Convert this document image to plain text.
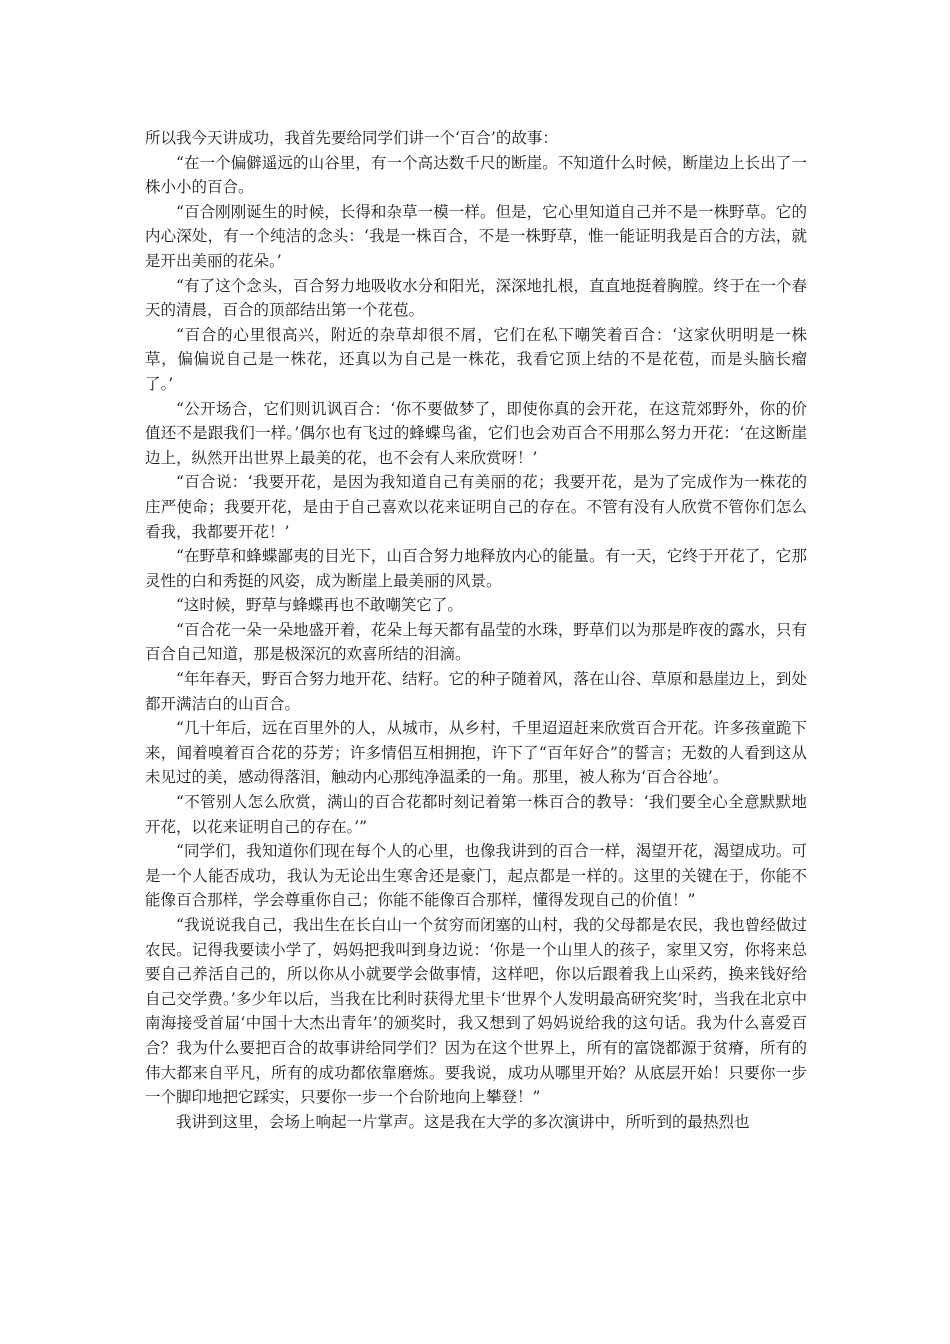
所以我今天讲成功，我首先要给同学们讲一个‘百合’的故事：

“在一个偏僻遥远的山谷里，有一个高达数千尺的断崖。不知道什么时候，断崖边上长出了一株小小的百合。

“百合刚刚诞生的时候，长得和杂草一模一样。但是，它心里知道自己并不是一株野草。它的内心深处，有一个纯洁的念头：‘我是一株百合，不是一株野草，惟一能证明我是百合的方法，就是开出美丽的花朵。’

“有了这个念头，百合努力地吸收水分和阳光，深深地扎根，直直地挺着胸膛。终于在一个春天的清晨，百合的顶部结出第一个花苞。

“百合的心里很高兴，附近的杂草却很不屑，它们在私下嘲笑着百合：‘这家伙明明是一株草，偏偏说自己是一株花，还真以为自己是一株花，我看它顶上结的不是花苞，而是头脑长瘤了。’

“公开场合，它们则讥讽百合：‘你不要做梦了，即使你真的会开花，在这荒郊野外，你的价值还不是跟我们一样。’偶尔也有飞过的蜂蝶鸟雀，它们也会劝百合不用那么努力开花：‘在这断崖边上，纵然开出世界上最美的花，也不会有人来欣赏呀！’

“百合说：‘我要开花，是因为我知道自己有美丽的花；我要开花，是为了完成作为一株花的庄严使命；我要开花，是由于自己喜欢以花来证明自己的存在。不管有没有人欣赏不管你们怎么看我，我都要开花！’

“在野草和蜂蝶鄙夷的目光下，山百合努力地释放内心的能量。有一天，它终于开花了，它那灵性的白和秀挺的风姿，成为断崖上最美丽的风景。

“这时候，野草与蜂蝶再也不敢嘲笑它了。

“百合花一朵一朵地盛开着，花朵上每天都有晶莹的水珠，野草们以为那是昨夜的露水，只有百合自己知道，那是极深沉的欢喜所结的泪滴。

“年年春天，野百合努力地开花、结籽。它的种子随着风，落在山谷、草原和悬崖边上，到处都开满洁白的山百合。

“几十年后，远在百里外的人，从城市，从乡村，千里迢迢赶来欣赏百合开花。许多孩童跪下来，闻着嗅着百合花的芬芳；许多情侣互相拥抱，许下了“百年好合”的誓言；无数的人看到这从未见过的美，感动得落泪，触动内心那纯净温柔的一角。那里，被人称为‘百合谷地’。

“不管别人怎么欣赏，满山的百合花都时刻记着第一株百合的教导：‘我们要全心全意默默地开花，以花来证明自己的存在。’”

“同学们，我知道你们现在每个人的心里，也像我讲到的百合一样，渴望开花，渴望成功。可是一个人能否成功，我认为无论出生寒舍还是豪门，起点都是一样的。这里的关键在于，你能不能像百合那样，学会尊重你自己；你能不能像百合那样，懂得发现自己的价值！”

“我说说我自己，我出生在长白山一个贫穷而闭塞的山村，我的父母都是农民，我也曾经做过农民。记得我要读小学了，妈妈把我叫到身边说：‘你是一个山里人的孩子，家里又穷，你将来总要自己养活自己的，所以你从小就要学会做事情，这样吧，你以后跟着我上山采药，换来钱好给自己交学费。’多少年以后，当我在比利时获得尤里卡‘世界个人发明最高研究奖’时，当我在北京中南海接受首届‘中国十大杰出青年’的颁奖时，我又想到了妈妈说给我的这句话。我为什么喜爱百合？我为什么要把百合的故事讲给同学们？因为在这个世界上，所有的富饶都源于贫瘠，所有的伟大都来自平凡，所有的成功都依靠磨炼。要我说，成功从哪里开始？从底层开始！只要你一步一个脚印地把它踩实，只要你一步一个台阶地向上攀登！”

我讲到这里，会场上响起一片掌声。这是我在大学的多次演讲中，所听到的最热烈也
